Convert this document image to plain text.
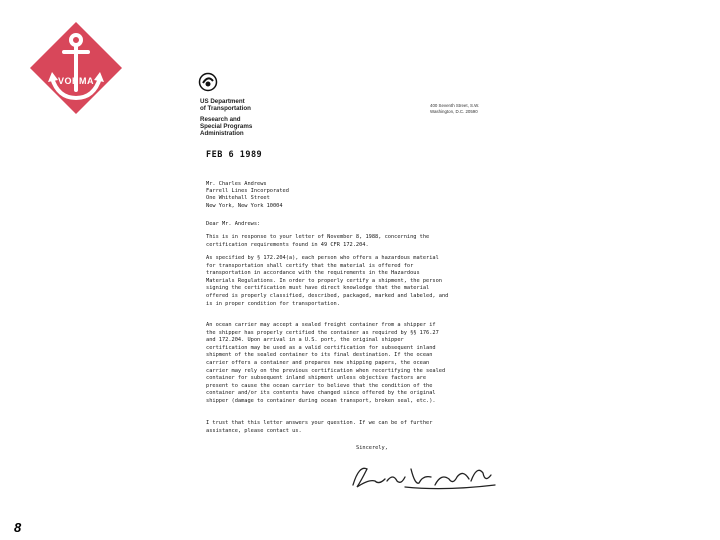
VOHMA
US Department
of Transportation
Research and
Special Programs
Administration
400 Seventh Street, S.W.
Washington, D.C. 20590
FEB 6 1989
Mr. Charles Andrews
Farrell Lines Incorporated
One Whitehall Street
New York, New York 10004
Dear Mr. Andrews:
This is in response to your letter of November 8, 1988, concerning the
certification requirements found in 49 CFR 172.204.
As specified by § 172.204(a), each person who offers a hazardous material
for transportation shall certify that the material is offered for
transportation in accordance with the requirements in the Hazardous
Materials Regulations. In order to properly certify a shipment, the person
signing the certification must have direct knowledge that the material
offered is properly classified, described, packaged, marked and labeled, and
is in proper condition for transportation.
An ocean carrier may accept a sealed freight container from a shipper if
the shipper has properly certified the container as required by §§ 176.27
and 172.204. Upon arrival in a U.S. port, the original shipper
certification may be used as a valid certification for subsequent inland
shipment of the sealed container to its final destination. If the ocean
carrier offers a container and prepares new shipping papers, the ocean
carrier may rely on the previous certification when recertifying the sealed
container for subsequent inland shipment unless objective factors are
present to cause the ocean carrier to believe that the condition of the
container and/or its contents have changed since offered by the original
shipper (damage to container during ocean transport, broken seal, etc.).
I trust that this letter answers your question. If we can be of further
assistance, please contact us.
Sincerely,
8
